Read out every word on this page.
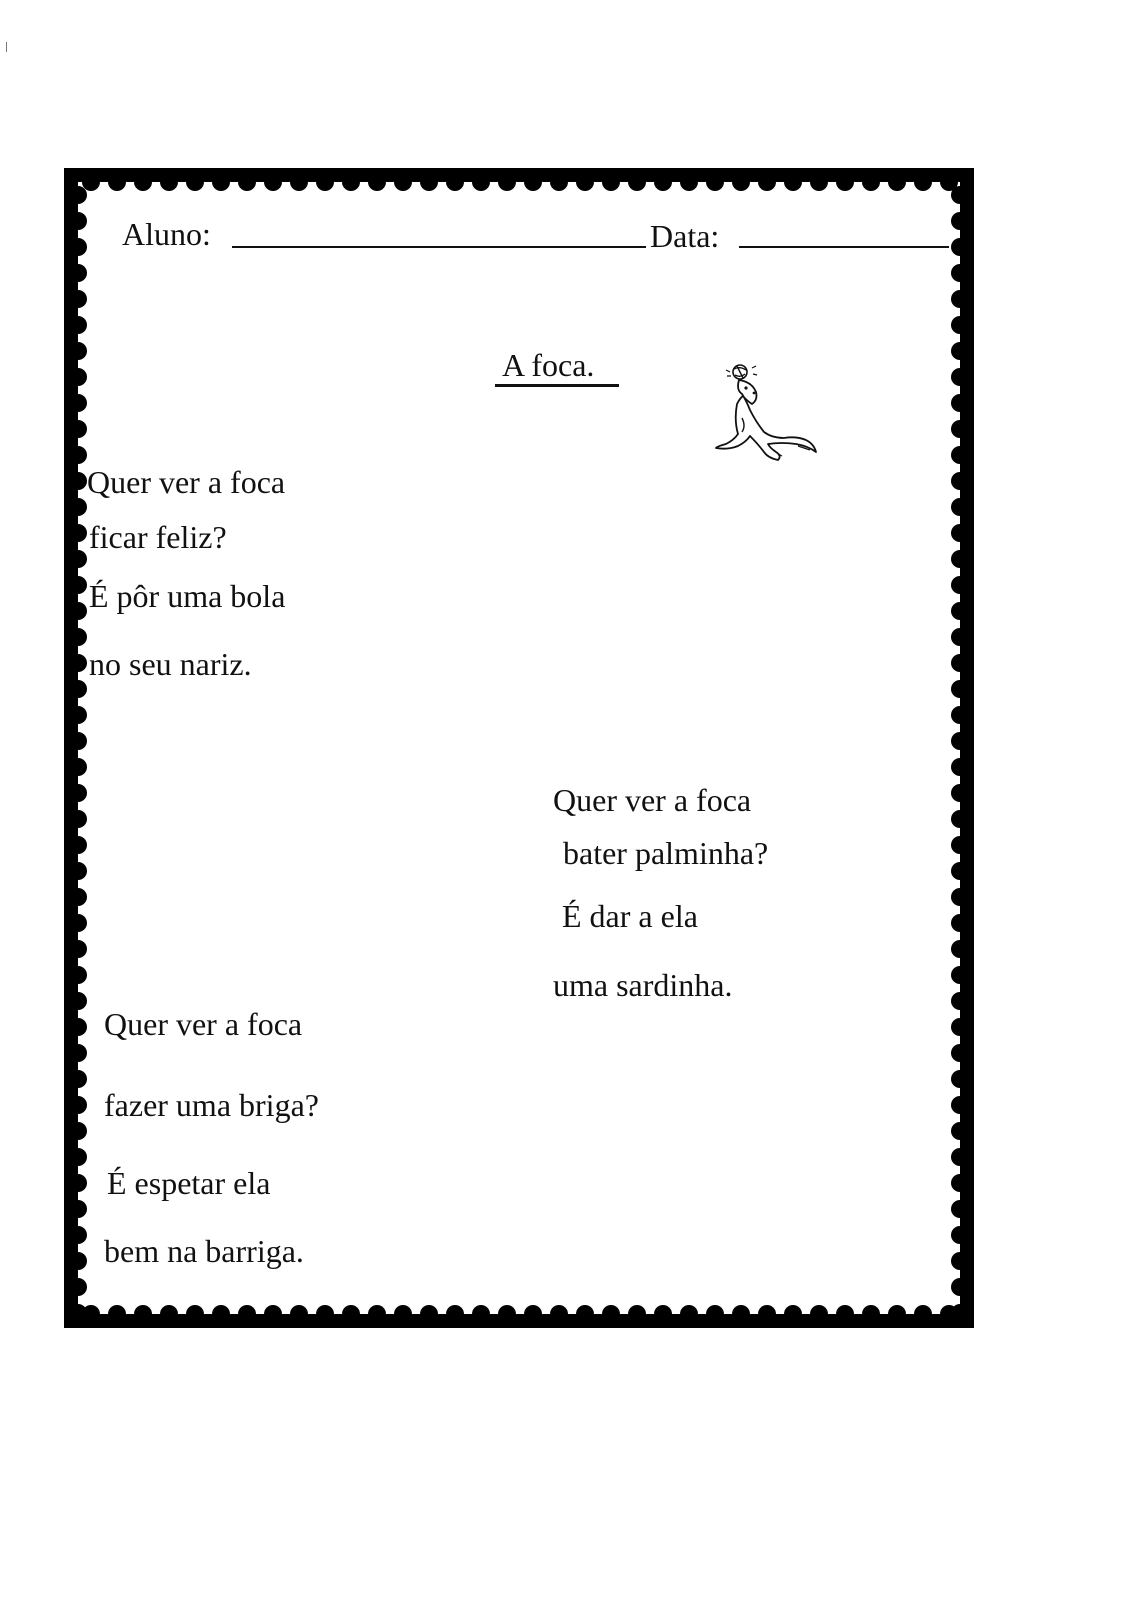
Aluno:	Data:
A foca.
Quer ver a foca
ficar feliz?
É pôr uma bola
no seu nariz.
Quer ver a foca
bater palminha?
É dar a ela
uma sardinha.
Quer ver a foca
fazer uma briga?
É espetar ela
bem na barriga.
